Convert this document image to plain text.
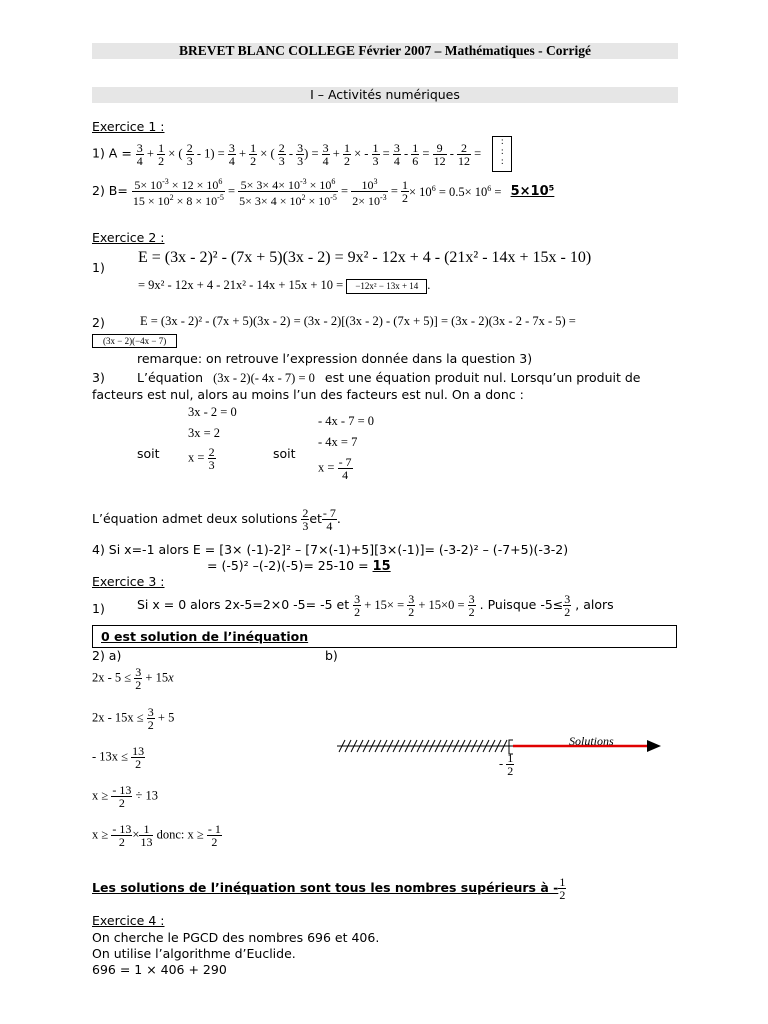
BREVET BLANC COLLEGE Février 2007 – Mathématiques - Corrigé
I – Activités numériques
Exercice 1 :
1) $A = \frac{3}{4} + \frac{1}{2}$ × ( $\frac{2}{3} - 1) = \frac{3}{4} + \frac{1}{2}$ × ( $\frac{2}{3} - \frac{3}{3}$ ) = $\frac{3}{4} + \frac{1}{2}$ × - $\frac{1}{3} = \frac{3}{4} - \frac{1}{6} = \frac{9}{12} - \frac{2}{12}$ = :
:
:
2) $B= \frac{5\times 10^{-3} \times 12 \times 10^6}{15 \times 10^2 \times 8 \times 10^{-5}} = \frac{5\times 3\times 4\times 10^{-3} \times 10^6}{5\times 3\times 4 \times 10^2 \times 10^{-5}} = \frac{10^3}{2\times 10^{-3}} = \frac{1}{2} \times 10^6 = 0.5\times 10^6 = 5\times 10^5$
Exercice 2 :
1)
E = (3x - 2)² - (7x + 5)(3x - 2) = 9x² - 12x + 4 - (21x² - 14x + 15x - 10)
= 9x² - 12x + 4 - 21x² - 14x + 15x + 10 = −12x² − 13x + 14 .
2)	E = (3x - 2)² - (7x + 5)(3x - 2) = (3x - 2)[(3x - 2) - (7x + 5)] = (3x - 2)(3x - 2 - 7x - 5) =
(3x − 2)(−4x − 7)
remarque: on retrouve l’expression donnée dans la question 3)
3)	L’équation (3x - 2)(- 4x - 7) = 0 est une équation produit nul. Lorsqu’un produit de
facteurs est nul, alors au moins l’un des facteurs est nul. On a donc :
3x - 2 = 0
3x = 2
soit $x = \frac{2}{3}$
- 4x - 7 = 0
- 4x = 7
soit
$x = \frac{- 7}{4}$
L’équation admet deux solutions $\frac{2}{3}$ et $\frac{- 7}{4}$ .
4) Si x=-1 alors E = [3× (-1)-2]² – [7×(-1)+5][3×(-1)]= (-3-2)² – (-7+5)(-3-2)
= (-5)² –(-2)(-5)= 25-10 = 15
Exercice 3 :
1)	Si x = 0 alors 2x-5=2×0 -5= -5 et $\frac{3}{2} + 15\times = \frac{3}{2} + 15\times 0 = \frac{3}{2}$ . Puisque $-5\le \frac{3}{2}$ , alors
0 est solution de l’inéquation
2) a)	b)
$2x - 5 \le \frac{3}{2} + 15x$
$2x - 15x \le \frac{3}{2} + 5$
- $13x \le \frac{13}{2}$
$x \ge \frac{- 13}{2} \div 13$
$x \ge \frac{- 13}{2} \times \frac{1}{13}$ donc: $x \ge \frac{- 1}{2}$
Solutions
- $\frac{1}{2}$
Les solutions de l’inéquation sont tous les nombres supérieurs à - $\frac{1}{2}$
Exercice 4 :
On cherche le PGCD des nombres 696 et 406.
On utilise l’algorithme d’Euclide.
696 = 1 × 406 + 290
